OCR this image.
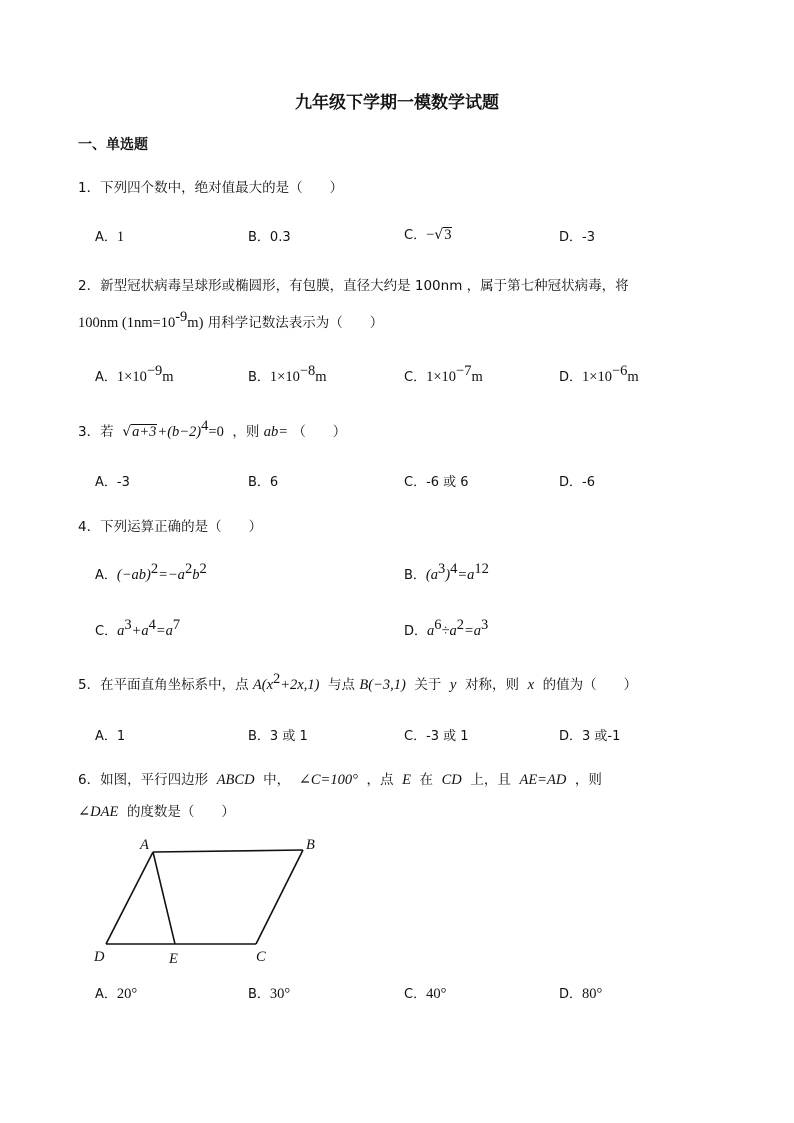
九年级下学期一模数学试题
一、单选题
1．下列四个数中，绝对值最大的是（　　）
A．1	B．0.3	C．−√3	D．-3
2．新型冠状病毒呈球形或椭圆形，有包膜，直径大约是 100nm ，属于第七种冠状病毒，将
100nm $(1nm=10^{-9}m)$ 用科学记数法表示为（　　）
A．$1\times 10^{-9}m$	B．$1\times 10^{-8}m$	C．$1\times 10^{-7}m$	D．$1\times 10^{-6}m$
3．若 $√a+3+(b-2)^4=0$ ，则 ab= （　　）
A．-3	B．6	C．-6 或 6	D．-6
4．下列运算正确的是（　　）
A．$(-ab)^2=-a^2b^2$	B．$(a^3)^4=a^{12}$
C．$a^3+a^4=a^7$	D．$a^6\div a^2=a^3$
5．在平面直角坐标系中，点 $A(x^2+2x,1)$ 与点 B(−3,1) 关于 y 对称，则 x 的值为（　　）
A．1	B．3 或 1	C．-3 或 1	D．3 或-1
6．如图，平行四边形 ABCD 中， ∠C=100° ，点 E 在 CD 上，且 AE=AD ，则
∠DAE 的度数是（　　）
A	B
C
D	E
A．20°	B．30°	C．40°	D．80°
